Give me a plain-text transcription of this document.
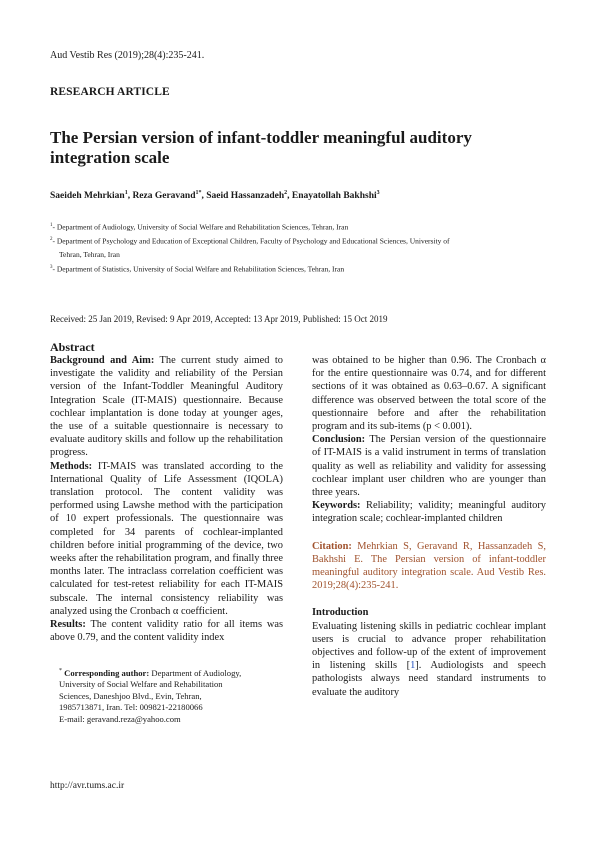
Aud Vestib Res (2019);28(4):235-241.
RESEARCH ARTICLE
The Persian version of infant-toddler meaningful auditory integration scale
Saeideh Mehrkian$^1$, Reza Geravand$^{1*}$, Saeid Hassanzadeh$^2$, Enayatollah Bakhshi$^3$
$^1$- Department of Audiology, University of Social Welfare and Rehabilitation Sciences, Tehran, Iran
$^2$- Department of Psychology and Education of Exceptional Children, Faculty of Psychology and Educational Sciences, University of
Tehran, Tehran, Iran
$^3$- Department of Statistics, University of Social Welfare and Rehabilitation Sciences, Tehran, Iran
Received: 25 Jan 2019, Revised: 9 Apr 2019, Accepted: 13 Apr 2019, Published: 15 Oct 2019
Abstract

Background and Aim: The current study aimed to investigate the validity and reliability of the Persian version of the Infant-Toddler Meaningful Auditory Integration Scale (IT-MAIS) questionnaire. Because cochlear implantation is done today at younger ages, the use of a suitable questionnaire is necessary to evaluate auditory skills and follow up the rehabilitation progress.

Methods: IT-MAIS was translated according to the International Quality of Life Assessment (IQOLA) translation protocol. The content validity was performed using Lawshe method with the participation of 10 expert professionals. The questionnaire was completed for 34 parents of cochlear-implanted children before initial programming of the device, two weeks after the rehabilitation program, and finally three months later. The intraclass correlation coefficient was calculated for test-retest reliability for each IT-MAIS subscale. The internal consistency reliability was analyzed using the Cronbach α coefficient.

Results: The content validity ratio for all items was above 0.79, and the content validity index

was obtained to be higher than 0.96. The Cronbach α for the entire questionnaire was 0.74, and for different sections of it was obtained as 0.63–0.67. A significant difference was observed between the total score of the questionnaire before and after the rehabilitation program and its sub-items (p < 0.001).

Conclusion: The Persian version of the questionnaire of IT-MAIS is a valid instrument in terms of translation quality as well as reliability and validity for assessing cochlear implant user children who are younger than three years.

Keywords: Reliability; validity; meaningful auditory integration scale; cochlear-implanted children

Citation: Mehrkian S, Geravand R, Hassanzadeh S, Bakhshi E. The Persian version of infant-toddler meaningful auditory integration scale. Aud Vestib Res. 2019;28(4):235-241.

Introduction

Evaluating listening skills in pediatric cochlear implant users is crucial to advance proper rehabilitation objectives and follow-up of the extent of improvement in listening skills [1]. Audiologists and speech pathologists always need standard instruments to evaluate the auditory

* Corresponding author: Department of Audiology,
University of Social Welfare and Rehabilitation
Sciences, Daneshjoo Blvd., Evin, Tehran,
1985713871, Iran. Tel: 009821-22180066
E-mail: geravand.reza@yahoo.com
http://avr.tums.ac.ir
